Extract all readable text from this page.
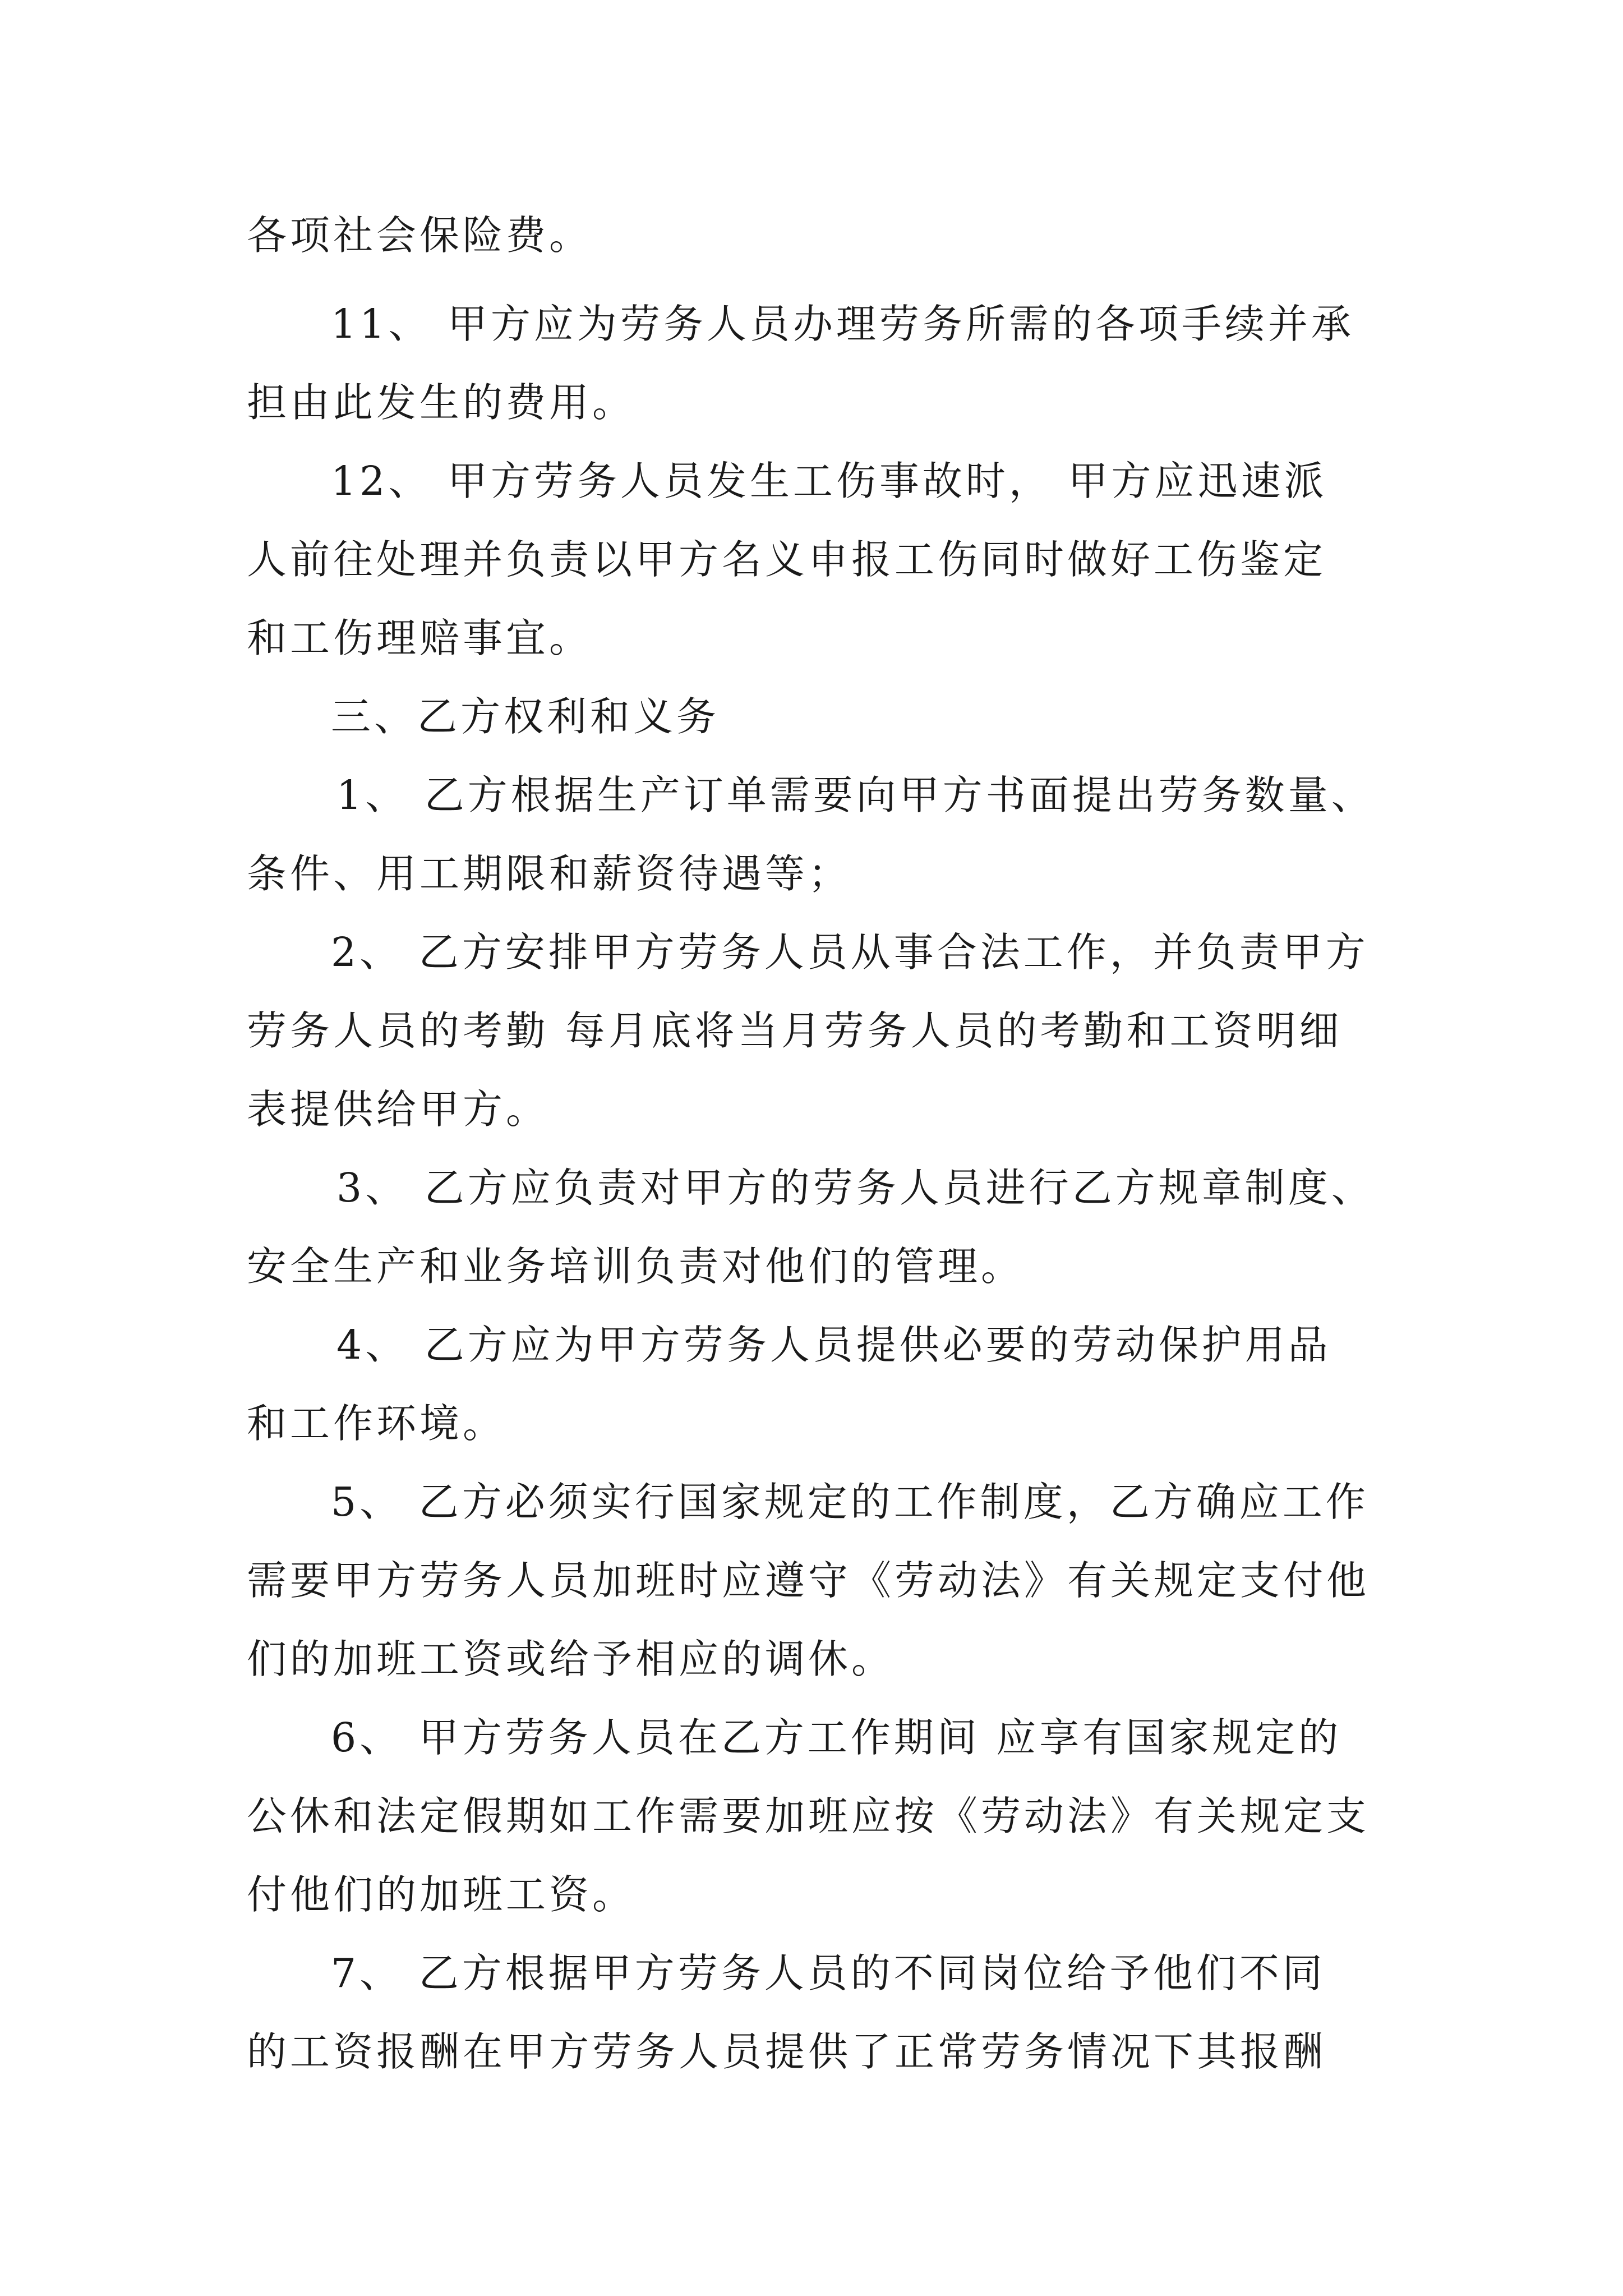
各项社会保险费。
11、 甲方应为劳务人员办理劳务所需的各项手续并承
担由此发生的费用。
12、 甲方劳务人员发生工伤事故时， 甲方应迅速派
人前往处理并负责以甲方名义申报工伤同时做好工伤鉴定
和工伤理赔事宜。
三、乙方权利和义务
1、 乙方根据生产订单需要向甲方书面提出劳务数量、
条件、用工期限和薪资待遇等；
2、 乙方安排甲方劳务人员从事合法工作，并负责甲方
劳务人员的考勤 每月底将当月劳务人员的考勤和工资明细
表提供给甲方。
3、 乙方应负责对甲方的劳务人员进行乙方规章制度、
安全生产和业务培训负责对他们的管理。
4、 乙方应为甲方劳务人员提供必要的劳动保护用品
和工作环境。
5、 乙方必须实行国家规定的工作制度，乙方确应工作
需要甲方劳务人员加班时应遵守《劳动法》有关规定支付他
们的加班工资或给予相应的调休。
6、 甲方劳务人员在乙方工作期间 应享有国家规定的
公休和法定假期如工作需要加班应按《劳动法》有关规定支
付他们的加班工资。
7、 乙方根据甲方劳务人员的不同岗位给予他们不同
的工资报酬在甲方劳务人员提供了正常劳务情况下其报酬
